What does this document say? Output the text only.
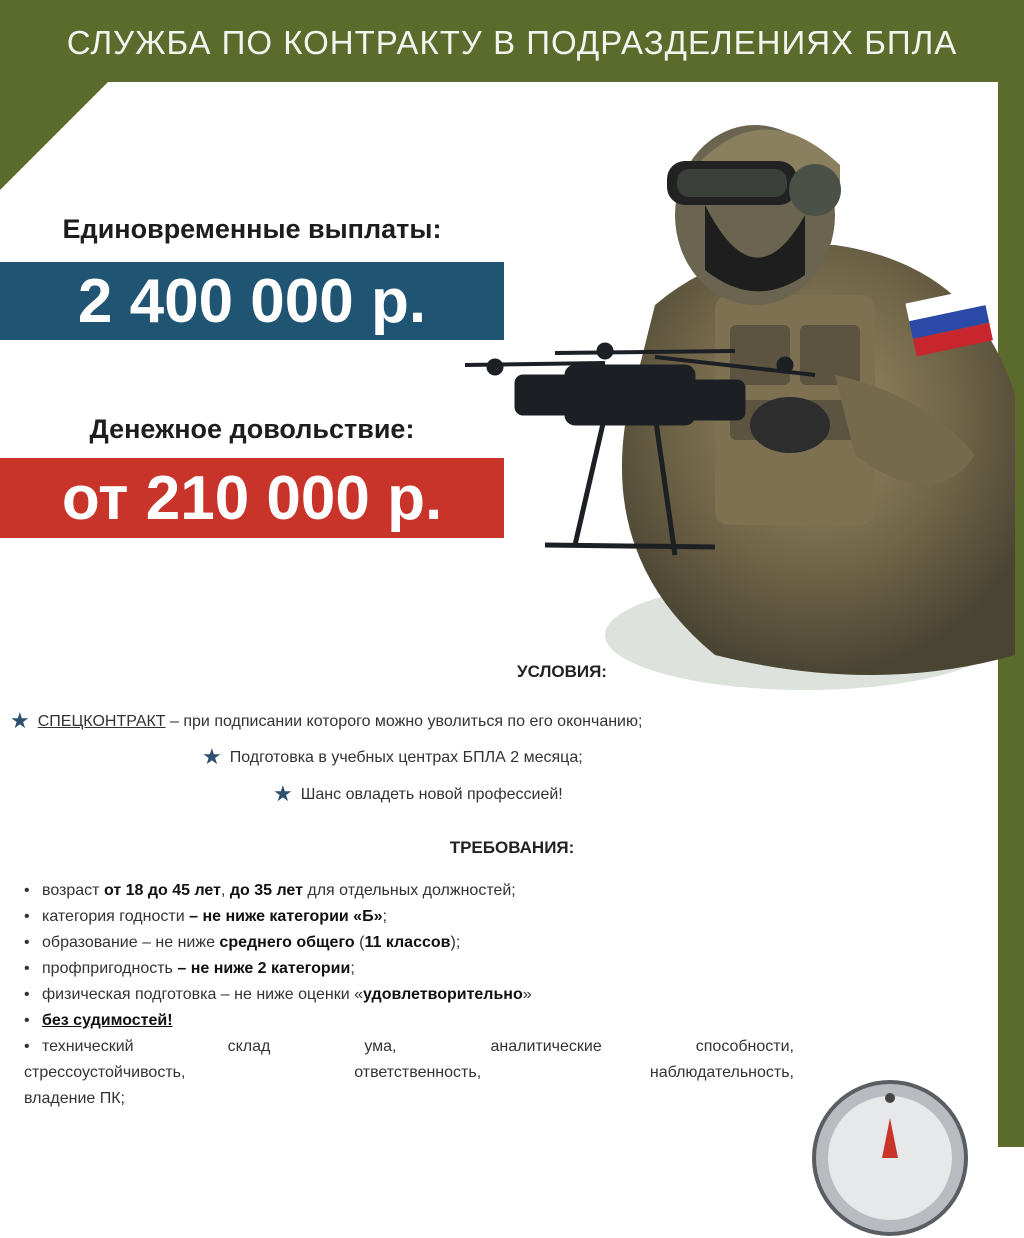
СЛУЖБА ПО КОНТРАКТУ В ПОДРАЗДЕЛЕНИЯХ БПЛА
Единовременные выплаты:
2 400 000 р.
Денежное довольствие:
от 210 000 р.
УСЛОВИЯ:
★ СПЕЦКОНТРАКТ – при подписании которого можно уволиться по его окончанию;
★ Подготовка в учебных центрах БПЛА 2 месяца;
★ Шанс овладеть новой профессией!
ТРЕБОВАНИЯ:
• возраст от 18 до 45 лет, до 35 лет для отдельных должностей;
• категория годности – не ниже категории «Б»;
• образование – не ниже среднего общего (11 классов);
• профпригодность – не ниже 2 категории;
• физическая подготовка – не ниже оценки «удовлетворительно»
• без судимостей!
• технический склад ума, аналитические способности,
стрессоустойчивость, ответственность, наблюдательность,
владение ПК;
